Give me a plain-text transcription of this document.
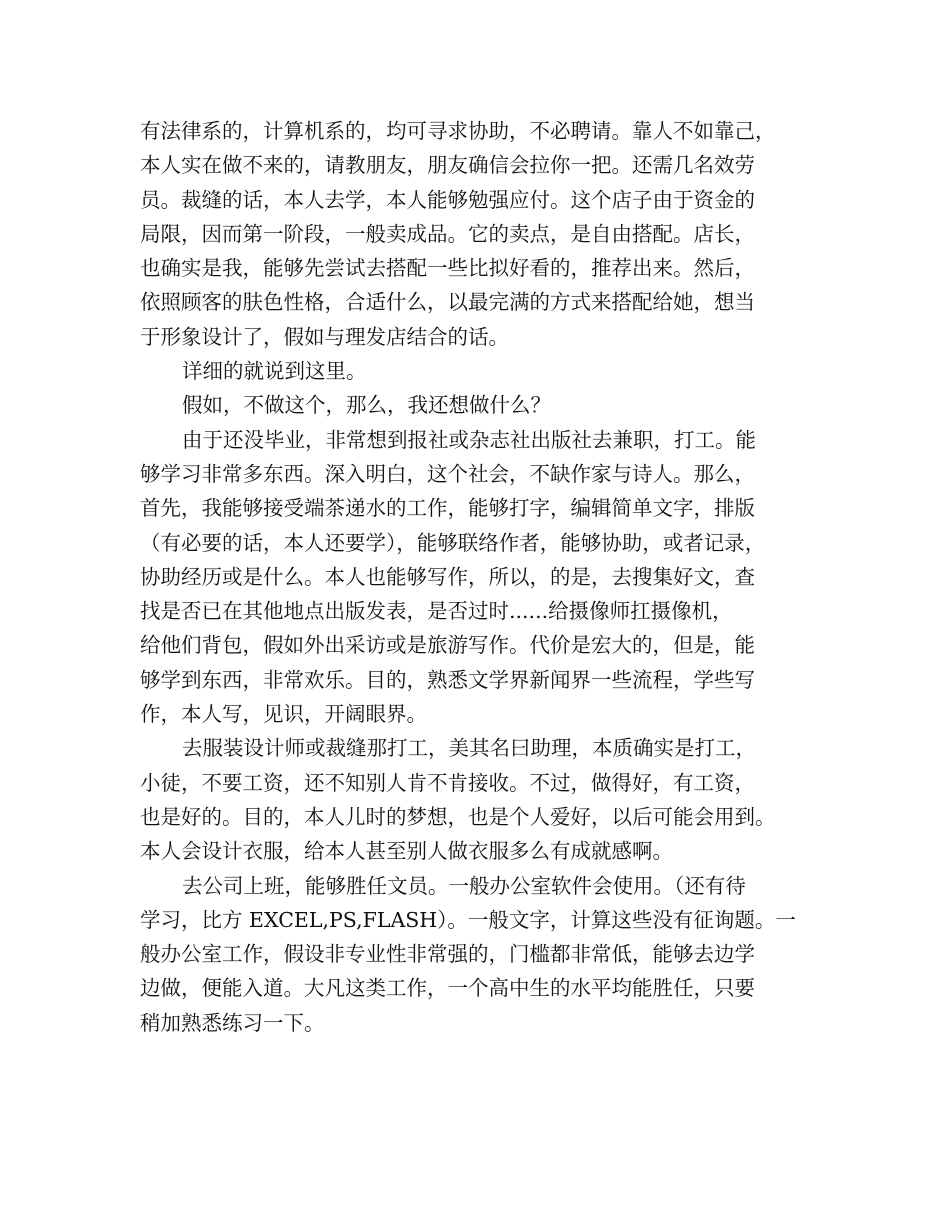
有法律系的，计算机系的，均可寻求协助，不必聘请。靠人不如靠己，
本人实在做不来的，请教朋友，朋友确信会拉你一把。还需几名效劳
员。裁缝的话，本人去学，本人能够勉强应付。这个店子由于资金的
局限，因而第一阶段，一般卖成品。它的卖点，是自由搭配。店长，
也确实是我，能够先尝试去搭配一些比拟好看的，推荐出来。然后，
依照顾客的肤色性格，合适什么，以最完满的方式来搭配给她，想当
于形象设计了，假如与理发店结合的话。
详细的就说到这里。
假如，不做这个，那么，我还想做什么？
由于还没毕业，非常想到报社或杂志社出版社去兼职，打工。能
够学习非常多东西。深入明白，这个社会，不缺作家与诗人。那么，
首先，我能够接受端茶递水的工作，能够打字，编辑简单文字，排版
（有必要的话，本人还要学），能够联络作者，能够协助，或者记录，
协助经历或是什么。本人也能够写作，所以，的是，去搜集好文，查
找是否已在其他地点出版发表，是否过时......给摄像师扛摄像机，
给他们背包，假如外出采访或是旅游写作。代价是宏大的，但是，能
够学到东西，非常欢乐。目的，熟悉文学界新闻界一些流程，学些写
作，本人写，见识，开阔眼界。
去服装设计师或裁缝那打工，美其名曰助理，本质确实是打工，
小徒，不要工资，还不知别人肯不肯接收。不过，做得好，有工资，
也是好的。目的，本人儿时的梦想，也是个人爱好，以后可能会用到。
本人会设计衣服，给本人甚至别人做衣服多么有成就感啊。
去公司上班，能够胜任文员。一般办公室软件会使用。（还有待
学习，比方 EXCEL,PS,FLASH）。一般文字，计算这些没有征询题。一
般办公室工作，假设非专业性非常强的，门槛都非常低，能够去边学
边做，便能入道。大凡这类工作，一个高中生的水平均能胜任，只要
稍加熟悉练习一下。
